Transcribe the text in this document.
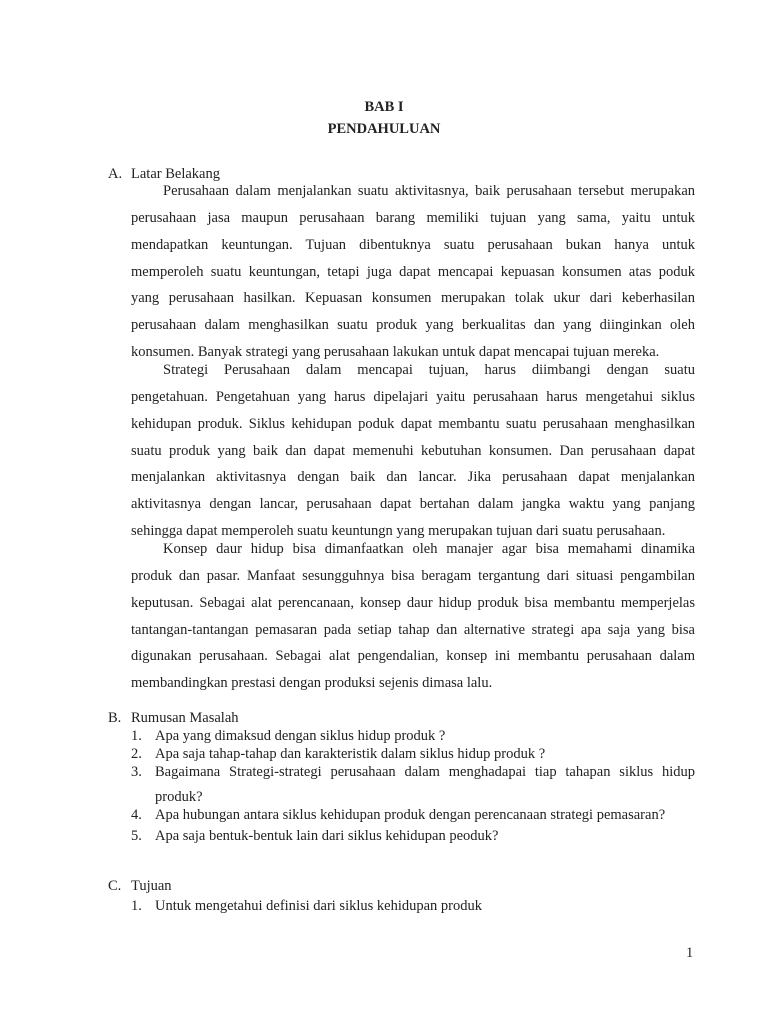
BAB I
PENDAHULUAN
1
A. Latar Belakang
Perusahaan dalam menjalankan suatu aktivitasnya, baik perusahaan tersebut merupakan
perusahaan jasa maupun perusahaan barang memiliki tujuan yang sama, yaitu untuk
mendapatkan keuntungan. Tujuan dibentuknya suatu perusahaan bukan hanya untuk
memperoleh suatu keuntungan, tetapi juga dapat mencapai kepuasan konsumen atas poduk
yang perusahaan hasilkan. Kepuasan konsumen merupakan tolak ukur dari keberhasilan
perusahaan dalam menghasilkan suatu produk yang berkualitas dan yang diinginkan oleh
konsumen. Banyak strategi yang perusahaan lakukan untuk dapat mencapai tujuan mereka.
Strategi Perusahaan dalam mencapai tujuan, harus diimbangi dengan suatu
pengetahuan. Pengetahuan yang harus dipelajari yaitu perusahaan harus mengetahui siklus
kehidupan produk. Siklus kehidupan poduk dapat membantu suatu perusahaan menghasilkan
suatu produk yang baik dan dapat memenuhi kebutuhan konsumen. Dan perusahaan dapat
menjalankan aktivitasnya dengan baik dan lancar. Jika perusahaan dapat menjalankan
aktivitasnya dengan lancar, perusahaan dapat bertahan dalam jangka waktu yang panjang
sehingga dapat memperoleh suatu keuntungn yang merupakan tujuan dari suatu perusahaan.
Konsep daur hidup bisa dimanfaatkan oleh manajer agar bisa memahami dinamika
produk dan pasar. Manfaat sesungguhnya bisa beragam tergantung dari situasi pengambilan
keputusan. Sebagai alat perencanaan, konsep daur hidup produk bisa membantu memperjelas
tantangan-tantangan pemasaran pada setiap tahap dan alternative strategi apa saja yang bisa
digunakan perusahaan. Sebagai alat pengendalian, konsep ini membantu perusahaan dalam
membandingkan prestasi dengan produksi sejenis dimasa lalu.
B. Rumusan Masalah
1. Apa yang dimaksud dengan siklus hidup produk ?
2. Apa saja tahap-tahap dan karakteristik dalam siklus hidup produk ?
3. Bagaimana Strategi-strategi perusahaan dalam menghadapai tiap tahapan siklus hidup
produk?
4. Apa hubungan antara siklus kehidupan produk dengan perencanaan strategi pemasaran?
5. Apa saja bentuk-bentuk lain dari siklus kehidupan peoduk?
C. Tujuan
1. Untuk mengetahui definisi dari siklus kehidupan produk
